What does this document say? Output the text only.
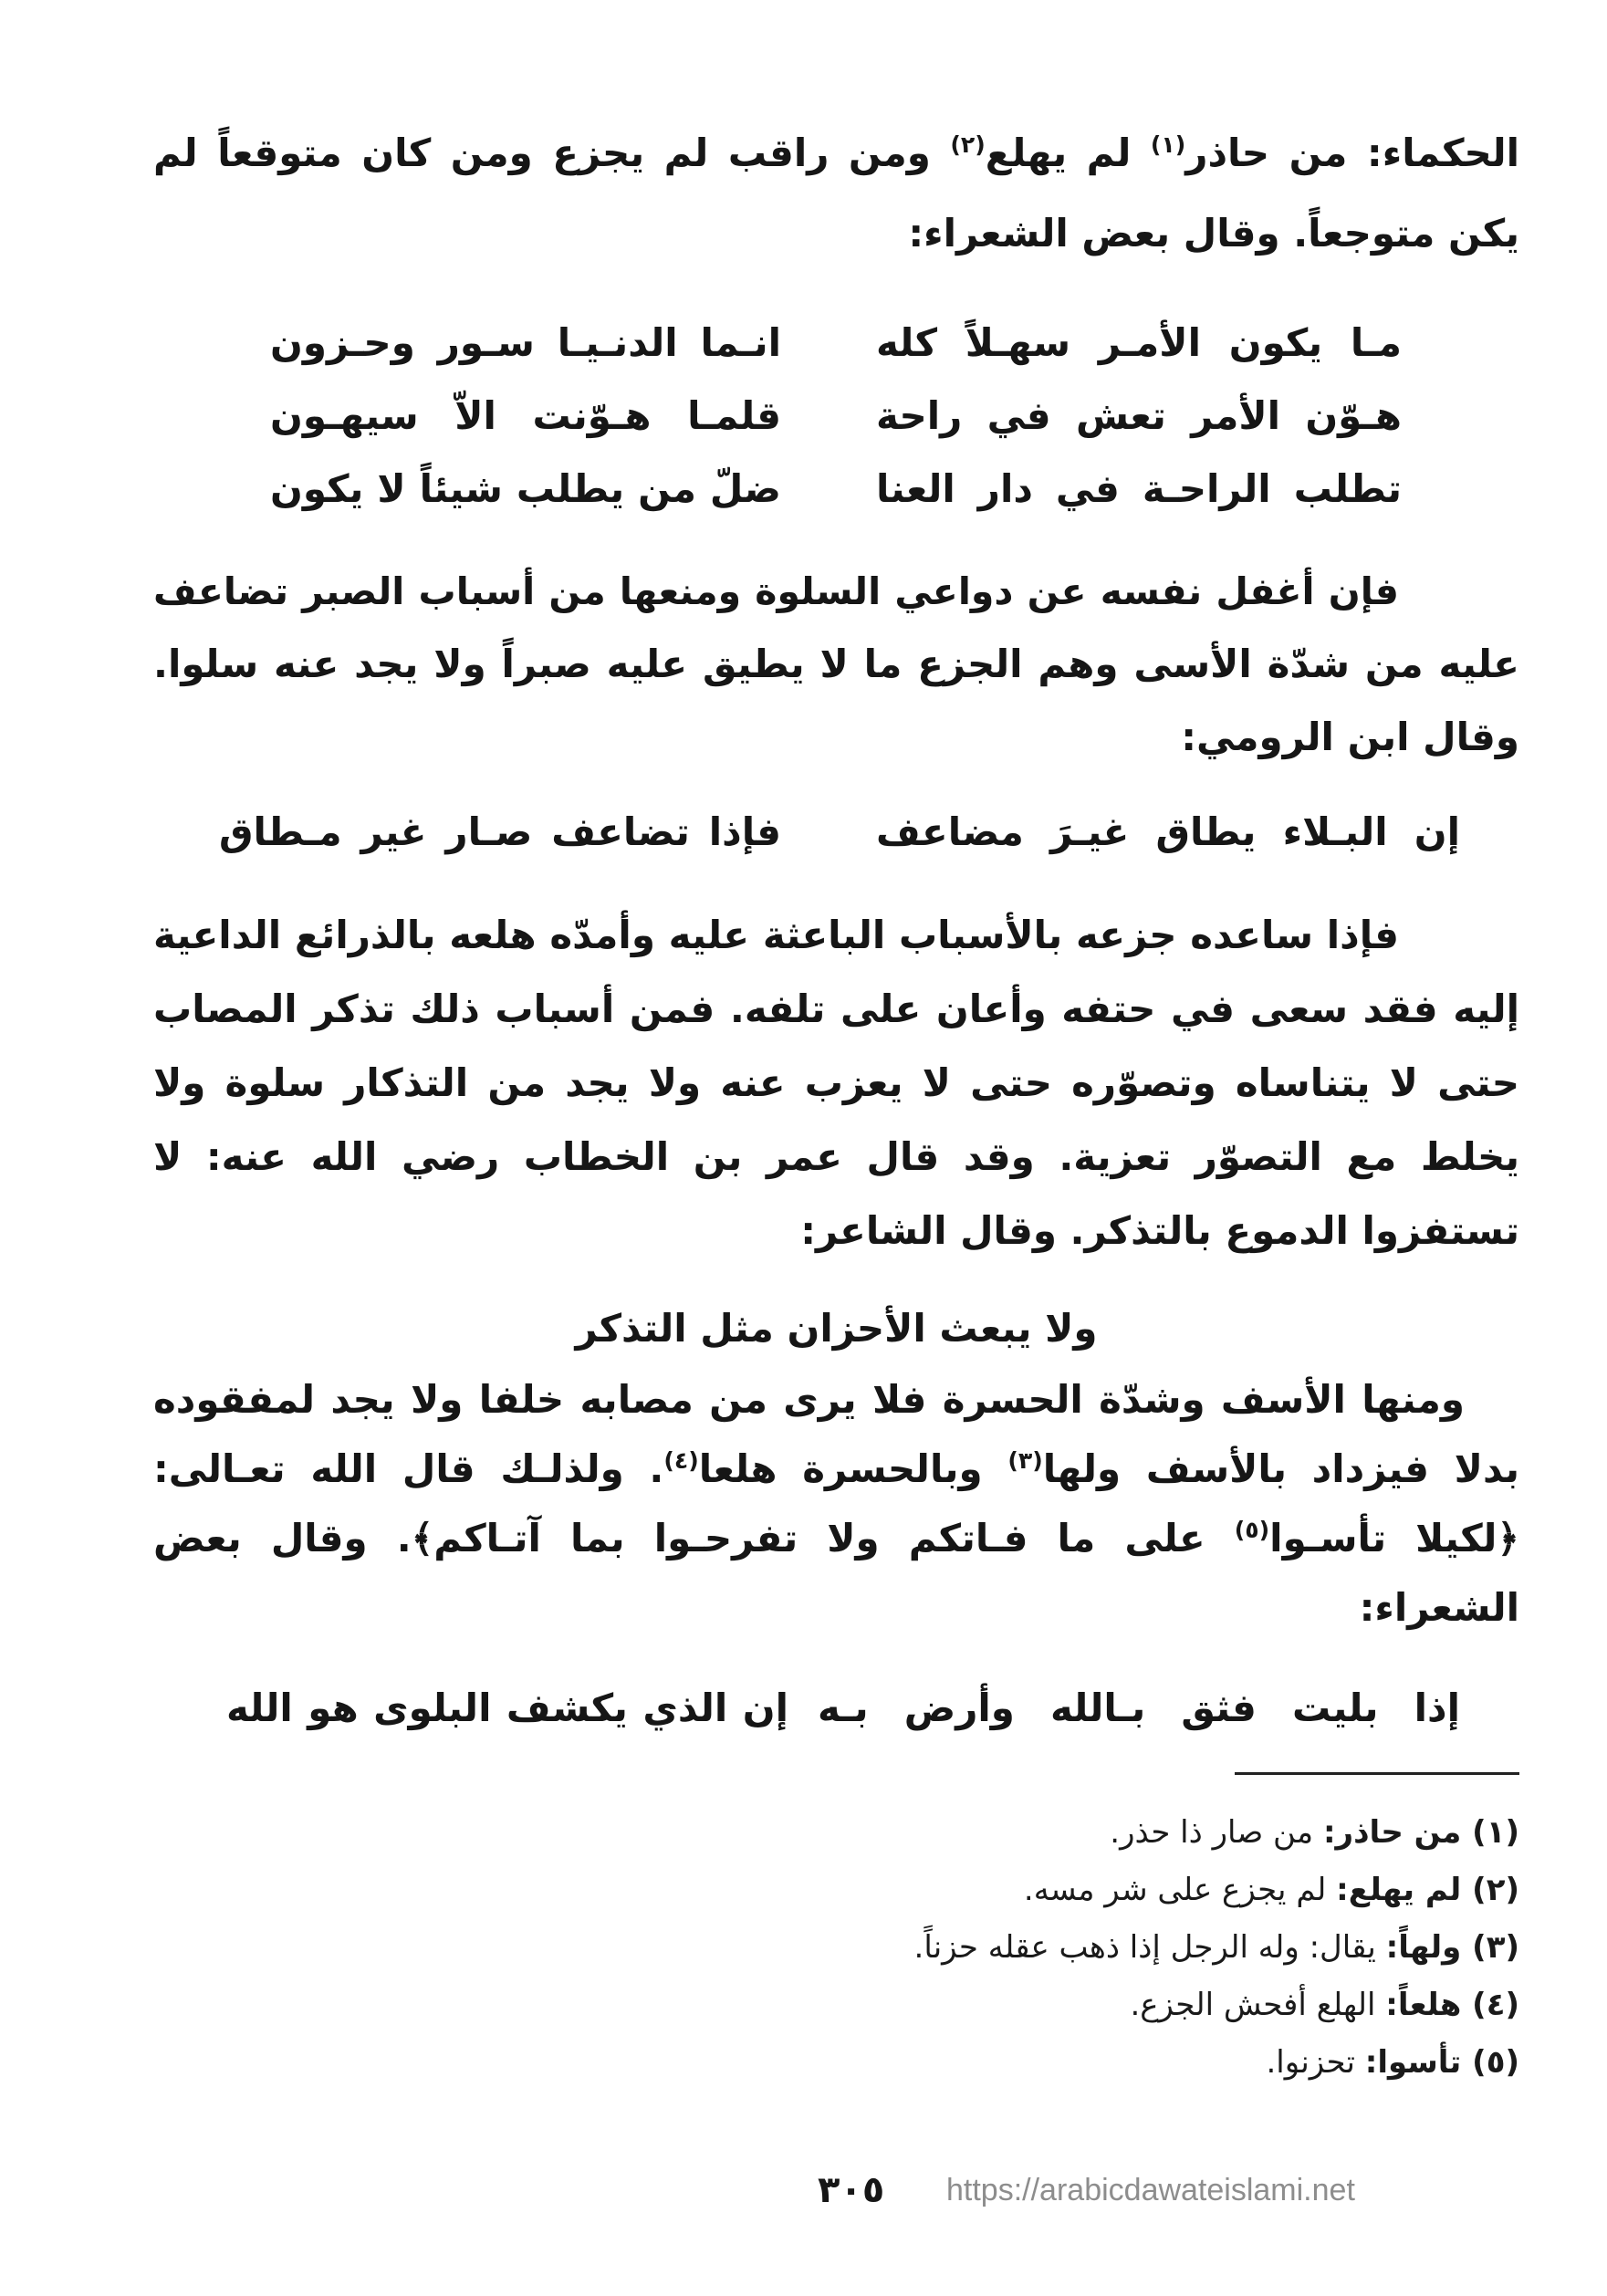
الحكماء: من حاذر$^{(١)}$ لم يهلع$^{(٢)}$ ومن راقب لم يجزع ومن كان متوقعاً لم
يكن متوجعاً. وقال بعض الشعراء:
مـا يكون الأمـر سهـلاً كله
انـما الدنـيـا سـور وحـزون
هـوّن الأمر تعش في راحة
قلمـا هـوّنت الاّ سيهـون
تطلب الراحـة في دار العنا
ضلّ من يطلب شيئاً لا يكون
فإن أغفل نفسه عن دواعي السلوة ومنعها من أسباب الصبر تضاعف
عليه من شدّة الأسى وهم الجزع ما لا يطيق عليه صبراً ولا يجد عنه سلوا.
وقال ابن الرومي:
إن البـلاء يطاق غيـرَ مضاعف
فإذا تضاعف صـار غير مـطاق
فإذا ساعده جزعه بالأسباب الباعثة عليه وأمدّه هلعه بالذرائع الداعية
إليه فقد سعى في حتفه وأعان على تلفه. فمن أسباب ذلك تذكر المصاب
حتى لا يتناساه وتصوّره حتى لا يعزب عنه ولا يجد من التذكار سلوة ولا
يخلط مع التصوّر تعزية. وقد قال عمر بن الخطاب رضي الله عنه: لا
تستفزوا الدموع بالتذكر. وقال الشاعر:
ولا يبعث الأحزان مثل التذكر
ومنها الأسف وشدّة الحسرة فلا يرى من مصابه خلفا ولا يجد لمفقوده
بدلا فيزداد بالأسف ولها$^{(٣)}$ وبالحسرة هلعا$^{(٤)}$. ولذلـك قال الله تعـالى:
﴿لكيلا تأسـوا$^{(٥)}$ على ما فـاتكم ولا تفرحـوا بما آتـاكم﴾. وقال بعض
الشعراء:
إذا بليت فثق بـالله وأرض بـه
إن الذي يكشف البلوى هو الله
(١) من حاذر: من صار ذا حذر.
(٢) لم يهلع: لم يجزع على شر مسه.
(٣) ولهاً: يقال: وله الرجل إذا ذهب عقله حزناً.
(٤) هلعاً: الهلع أفحش الجزع.
(٥) تأسوا: تحزنوا.
٣٠٥ https://arabicdawateislami.net
